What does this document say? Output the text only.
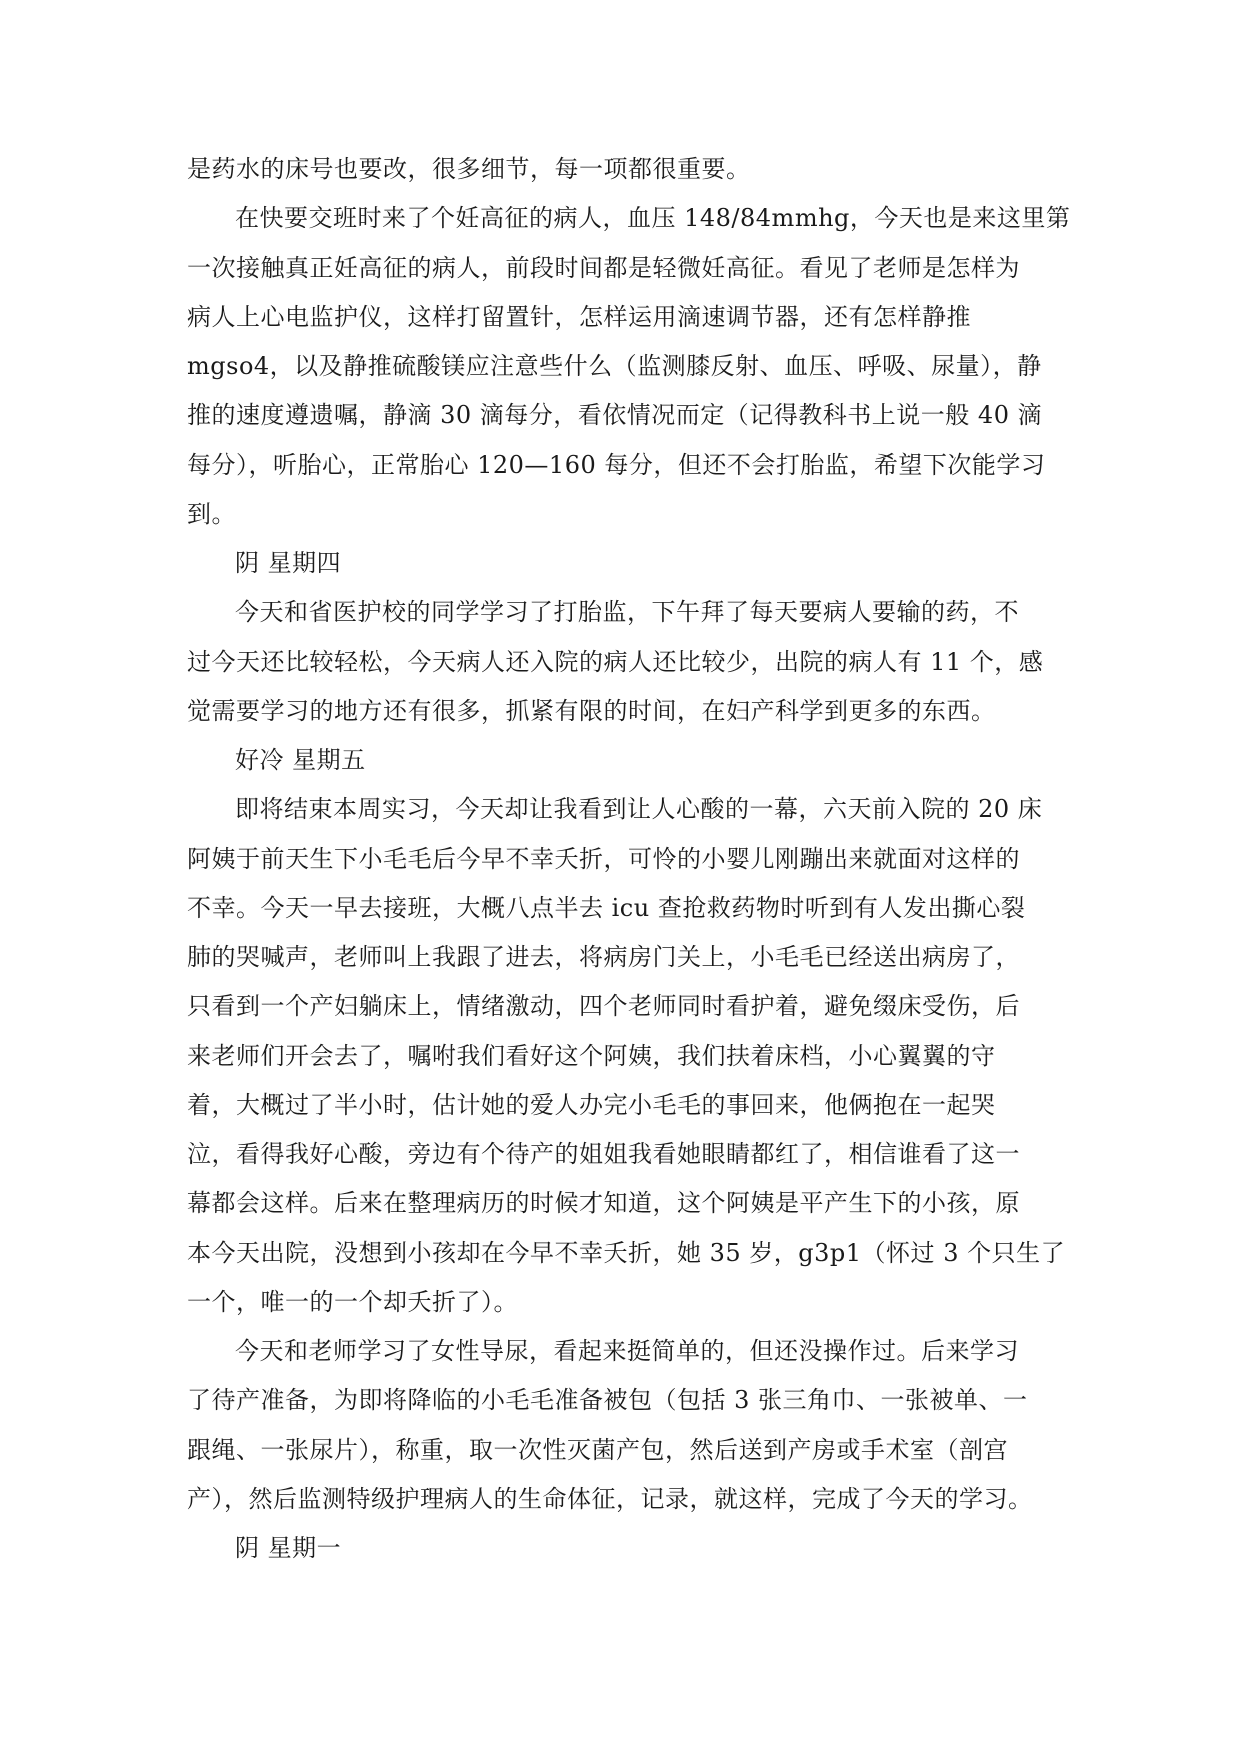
是药水的床号也要改，很多细节，每一项都很重要。
在快要交班时来了个妊高征的病人，血压 148/84mmhg，今天也是来这里第
一次接触真正妊高征的病人，前段时间都是轻微妊高征。看见了老师是怎样为
病人上心电监护仪，这样打留置针，怎样运用滴速调节器，还有怎样静推
mgso4，以及静推硫酸镁应注意些什么（监测膝反射、血压、呼吸、尿量），静
推的速度遵遗嘱，静滴 30 滴每分，看依情况而定（记得教科书上说一般 40 滴
每分），听胎心，正常胎心 120—160 每分，但还不会打胎监，希望下次能学习
到。
阴 星期四
今天和省医护校的同学学习了打胎监，下午拜了每天要病人要输的药，不
过今天还比较轻松，今天病人还入院的病人还比较少，出院的病人有 11 个，感
觉需要学习的地方还有很多，抓紧有限的时间，在妇产科学到更多的东西。
好冷 星期五
即将结束本周实习，今天却让我看到让人心酸的一幕，六天前入院的 20 床
阿姨于前天生下小毛毛后今早不幸夭折，可怜的小婴儿刚蹦出来就面对这样的
不幸。今天一早去接班，大概八点半去 icu 查抢救药物时听到有人发出撕心裂
肺的哭喊声，老师叫上我跟了进去，将病房门关上，小毛毛已经送出病房了，
只看到一个产妇躺床上，情绪激动，四个老师同时看护着，避免缀床受伤，后
来老师们开会去了，嘱咐我们看好这个阿姨，我们扶着床档，小心翼翼的守
着，大概过了半小时，估计她的爱人办完小毛毛的事回来，他俩抱在一起哭
泣，看得我好心酸，旁边有个待产的姐姐我看她眼睛都红了，相信谁看了这一
幕都会这样。后来在整理病历的时候才知道，这个阿姨是平产生下的小孩，原
本今天出院，没想到小孩却在今早不幸夭折，她 35 岁，g3p1（怀过 3 个只生了
一个，唯一的一个却夭折了）。
今天和老师学习了女性导尿，看起来挺简单的，但还没操作过。后来学习
了待产准备，为即将降临的小毛毛准备被包（包括 3 张三角巾、一张被单、一
跟绳、一张尿片），称重，取一次性灭菌产包，然后送到产房或手术室（剖宫
产），然后监测特级护理病人的生命体征，记录，就这样，完成了今天的学习。
阴 星期一
